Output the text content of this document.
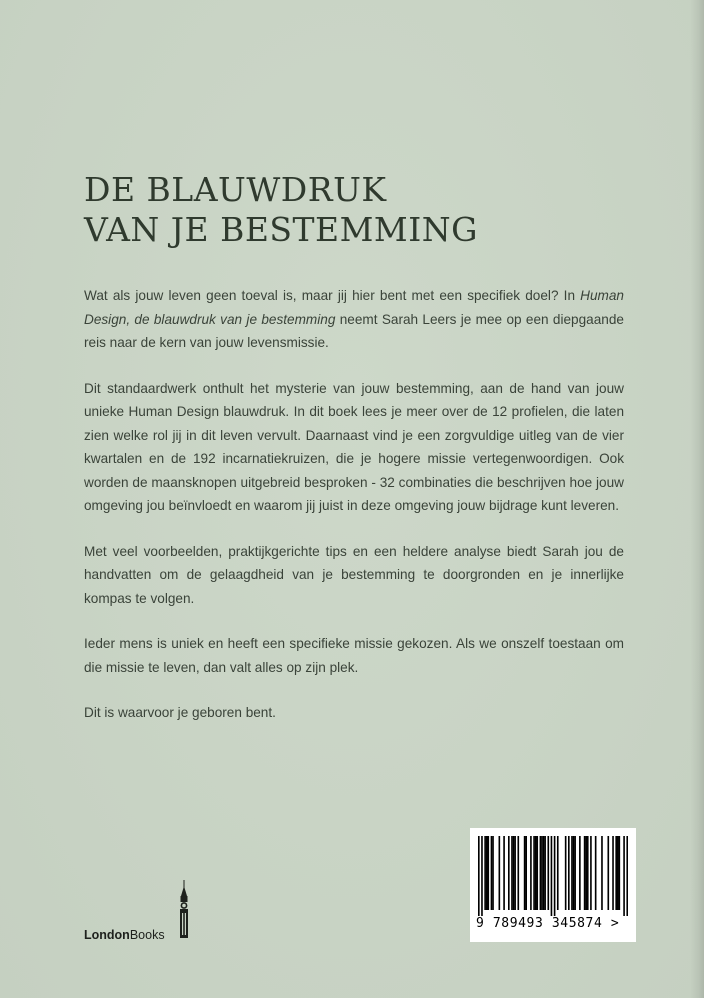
DE BLAUWDRUK
VAN JE BESTEMMING

Wat als jouw leven geen toeval is, maar jij hier bent met een specifiek doel? In Human Design, de blauwdruk van je bestemming neemt Sarah Leers je mee op een diepgaande reis naar de kern van jouw levensmissie.

Dit standaardwerk onthult het mysterie van jouw bestemming, aan de hand van jouw unieke Human Design blauwdruk. In dit boek lees je meer over de 12 profielen, die laten zien welke rol jij in dit leven vervult. Daarnaast vind je een zorgvuldige uitleg van de vier kwartalen en de 192 incarnatiekruizen, die je hogere missie vertegenwoordigen. Ook worden de maansknopen uitgebreid besproken - 32 combinaties die beschrijven hoe jouw omgeving jou beïnvloedt en waarom jij juist in deze omgeving jouw bijdrage kunt leveren.

Met veel voorbeelden, praktijkgerichte tips en een heldere analyse biedt Sarah jou de handvatten om de gelaagdheid van je bestemming te doorgronden en je innerlijke kompas te volgen.

Ieder mens is uniek en heeft een specifieke missie gekozen. Als we onszelf toestaan om die missie te leven, dan valt alles op zijn plek.

Dit is waarvoor je geboren bent.

LondonBooks
9 789493 345874 >
